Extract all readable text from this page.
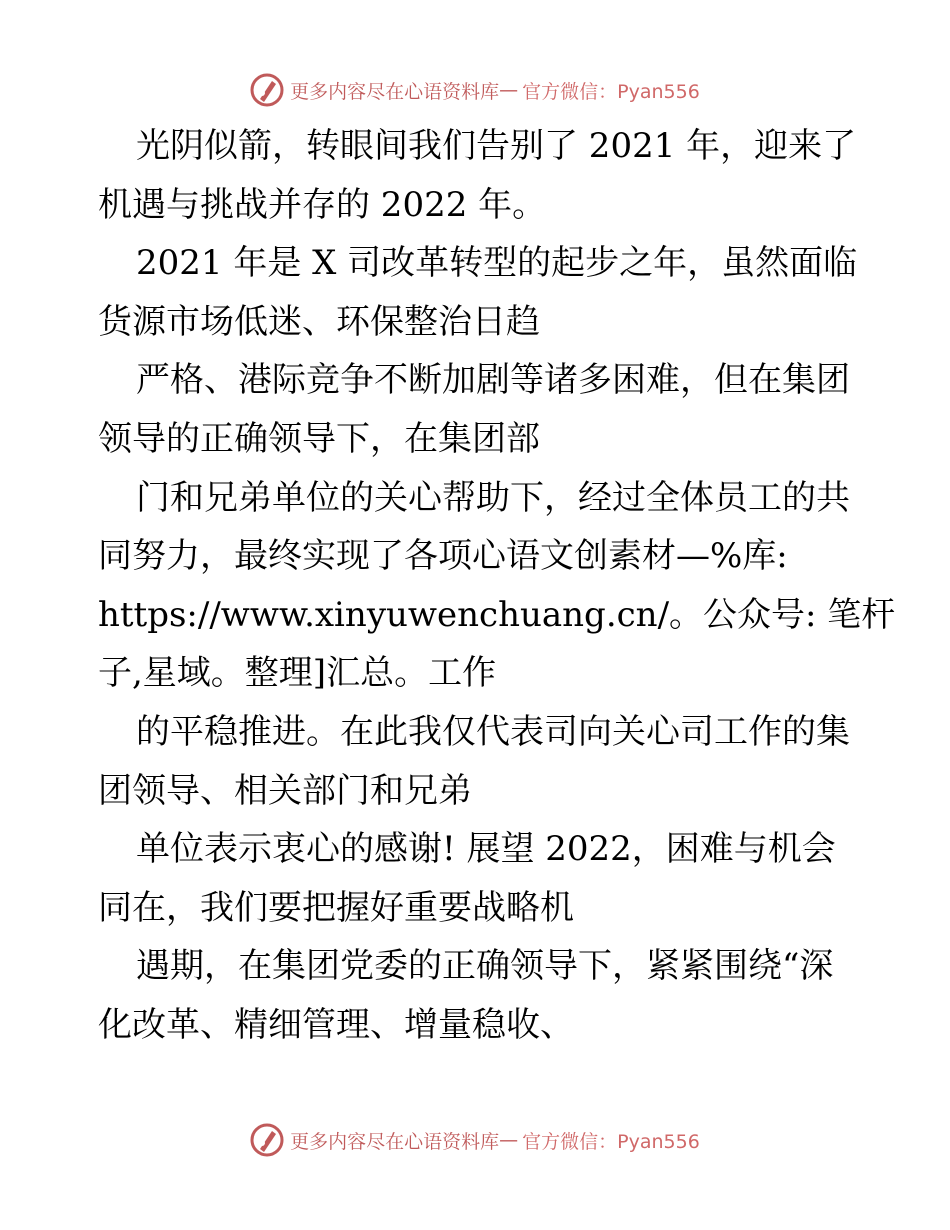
更多内容尽在心语资料库 — 官方微信：Pyan556
光阴似箭，转眼间我们告别了 2021 年，迎来了
机遇与挑战并存的 2022 年。
2021 年是 X 司改革转型的起步之年，虽然面临
货源市场低迷、环保整治日趋
严格、港际竞争不断加剧等诸多困难，但在集团
领导的正确领导下，在集团部
门和兄弟单位的关心帮助下，经过全体员工的共
同努力，最终实现了各项心语文创素材—%库:
https://www.xinyuwenchuang.cn/。公众号: 笔杆
子,星域。整理]汇总。工作
的平稳推进。在此我仅代表司向关心司工作的集
团领导、相关部门和兄弟
单位表示衷心的感谢! 展望 2022，困难与机会
同在，我们要把握好重要战略机
遇期，在集团党委的正确领导下，紧紧围绕“深
化改革、精细管理、增量稳收、
更多内容尽在心语资料库 — 官方微信：Pyan556
